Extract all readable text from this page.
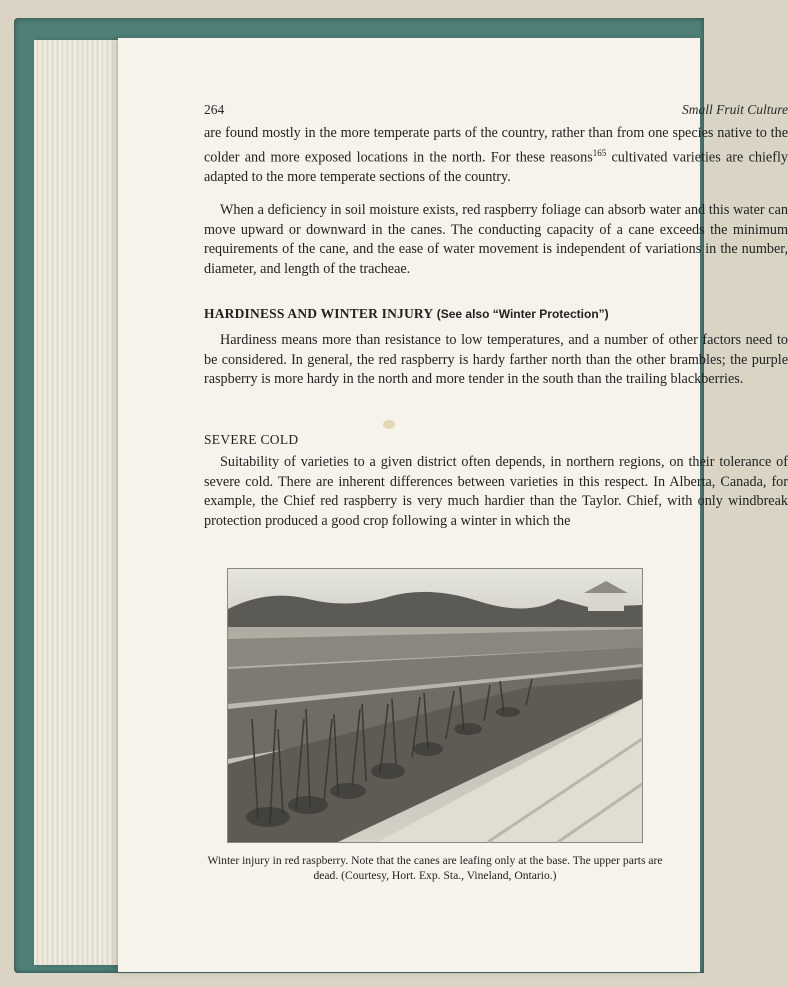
264	Small Fruit Culture

are found mostly in the more temperate parts of the country, rather than from one species native to the colder and more exposed locations in the north. For these reasons$^{165}$ cultivated varieties are chiefly adapted to the more temperate sections of the country.

When a deficiency in soil moisture exists, red raspberry foliage can absorb water and this water can move upward or downward in the canes. The conducting capacity of a cane exceeds the minimum requirements of the cane, and the ease of water movement is independent of variations in the number, diameter, and length of the tracheae.

HARDINESS AND WINTER INJURY (See also “Winter Protection”)

Hardiness means more than resistance to low temperatures, and a number of other factors need to be considered. In general, the red raspberry is hardy farther north than the other brambles; the purple raspberry is more hardy in the north and more tender in the south than the trailing blackberries.

SEVERE COLD

Suitability of varieties to a given district often depends, in northern regions, on their tolerance of severe cold. There are inherent differences between varieties in this respect. In Alberta, Canada, for example, the Chief red raspberry is very much hardier than the Taylor. Chief, with only windbreak protection produced a good crop following a winter in which the

Winter injury in red raspberry. Note that the canes are leafing only at the base. The upper parts are dead. (Courtesy, Hort. Exp. Sta., Vineland, Ontario.)
